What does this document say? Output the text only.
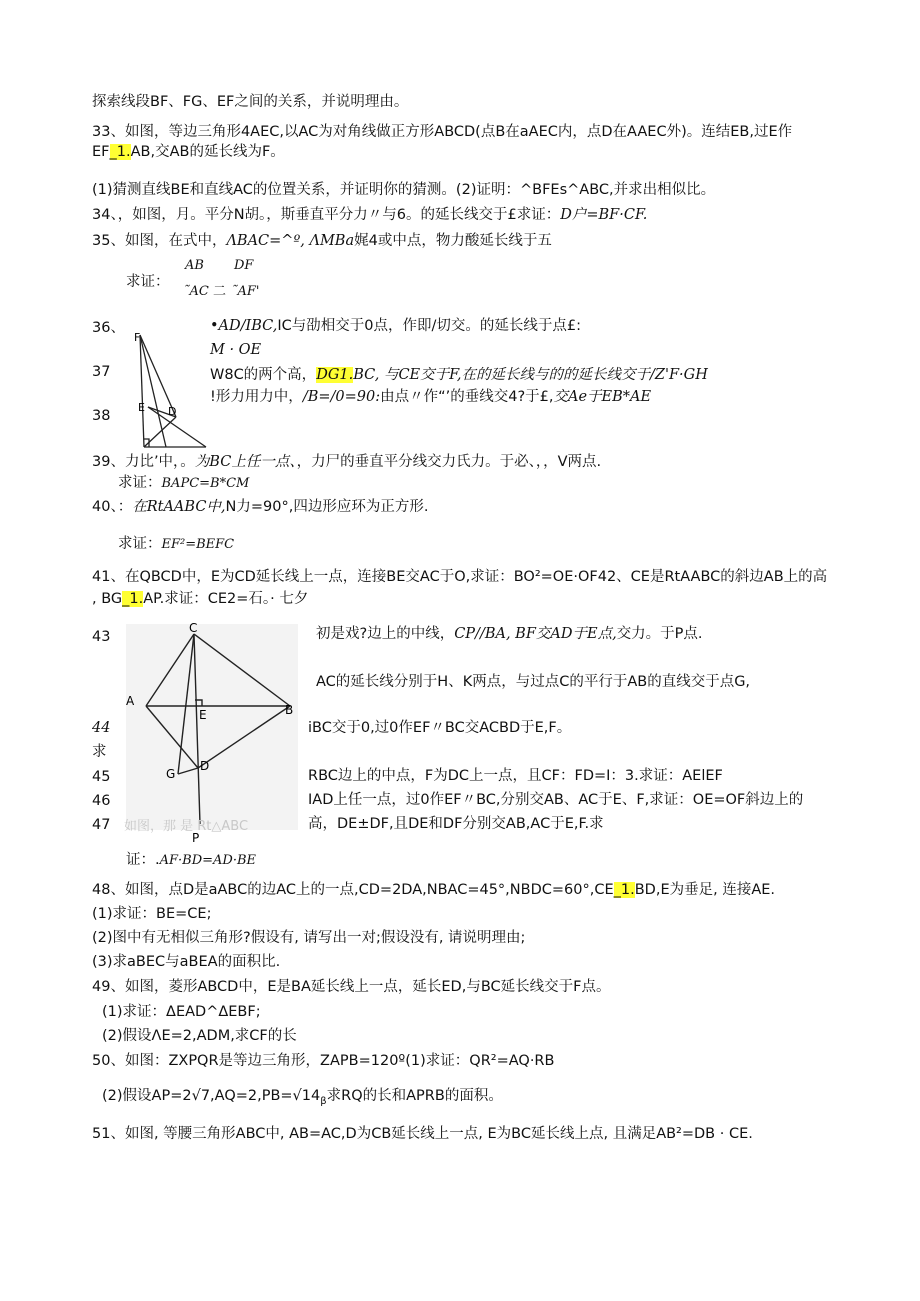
探索线段BF、FG、EF之间的关系，并说明理由。
33、如图，等边三角形4AEC,以AC为对角线做正方形ABCD(点B在aAEC内，点D在AAEC外)。连结EB,过E作
EF_1.AB,交AB的延长线为F。
(1)猜测直线BE和直线AC的位置关系，并证明你的猜测。(2)证明：^BFEs^ABC,并求出相似比。
34、，如图，月。平分N胡。，斯垂直平分力〃与6。的延长线交于£求证：D户=BF·CF.
35、如图，在式中，ΛBAC=^º, ΛMBa娓4或中点，物力酸延长线于五
求证：
AB DF
˜AC 二 ˜AF'
36、	•AD/IBC,IC与劭相交于0点，作即/切交。的延长线于点£:
M · OE
37	W8C的两个高，DG1.BC, 与CE交于F,在的延长线与的的延长线交于/Z'F·GH
38
!形力用力中，/B=/0=90:由点〃作“’的垂线交4?于£,交Ae于EB*AE
F
E D
39、力比’中，。为BC上任一点、，力尸的垂直平分线交力氏力。于必、，，V两点.
求证：BAPC=B*CM
40、：在RtAABC中,N力=90°,四边形应环为正方形.
求证：EF²=BEFC
41、在QBCD中，E为CD延长线上一点，连接BE交AC于O,求证：BO²=OE·OF42、CE是RtAABC的斜边AB上的高
, BG_1.AP.求证：CE2=石。· 七夕
43	初是戏?边上的中线，CP//BA, BF交AD于E点,交力。于P点.
AC的延长线分别于H、K两点，与过点C的平行于AB的直线交于点G,
44	iBC交于0,过0作EF〃BC交ACBD于E,F。
求
45	RBC边上的中点，F为DC上一点，且CF：FD=I：3.求证：AElEF
46	IAD上任一点，过0作EF〃BC,分别交AB、AC于E、F,求证：OE=OF斜边上的
47	高，DE±DF,且DE和DF分别交AB,AC于E,F.求
C
A
E	B
G
D
P
如图，那 是 Rt△ABC
证：.AF·BD=AD·BE
48、如图，点D是aABC的边AC上的一点,CD=2DA,NBAC=45°,NBDC=60°,CE_1.BD,E为垂足, 连接AE.
(1)求证：BE=CE;
(2)图中有无相似三角形?假设有, 请写出一对;假设没有, 请说明理由;
(3)求aBEC与aBEA的面积比.
49、如图，菱形ABCD中，E是BA延长线上一点，延长ED,与BC延长线交于F点。
(1)求证：ΔEAD^ΔEBF;
(2)假设ΛE=2,ADM,求CF的长
50、如图：ZXPQR是等边三角形，ZAPB=120º(1)求证：QR²=AQ·RB
(2)假设$AP=2√7,AQ=2,PB=√14_\beta$求RQ的长和APRB的面积。
51、如图, 等腰三角形ABC中, AB=AC,D为CB延长线上一点, E为BC延长线上点, 且满足AB²=DB · CE.
